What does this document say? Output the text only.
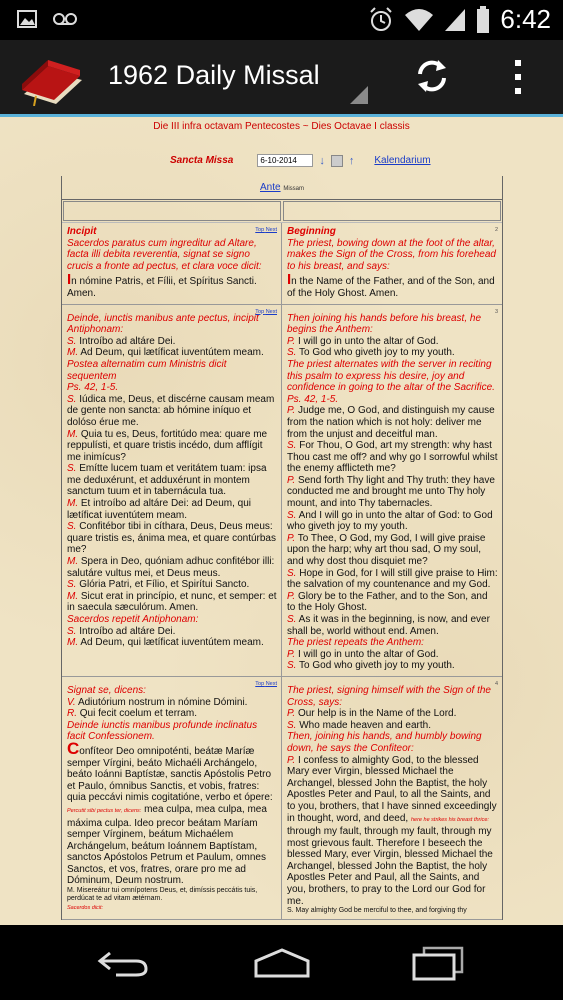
6:42
1962 Daily Missal
Die III infra octavam Pentecostes ~ Dies Octavae I classis
Sancta Missa
6-10-2014	↓ ↑ Kalendarium
Ante Missam
Top Next
Incipit
Sacerdos paratus cum ingreditur ad Altare, facta illi debita reverentia, signat se signo crucis a fronte ad pectus, et clara voce dicit:
In nómine Patris, et Fílii, et Spíritus Sancti. Amen.
2
Beginning
The priest, bowing down at the foot of the altar, makes the Sign of the Cross, from his forehead to his breast, and says:
In the Name of the Father, and of the Son, and of the Holy Ghost. Amen.
Top Next
Deinde, iunctis manibus ante pectus, incipit Antiphonam:
S. Introíbo ad altáre Dei.
M. Ad Deum, qui lætíficat iuventútem meam.
Postea alternatim cum Ministris dicit sequentem
Ps. 42, 1-5.
S. Iúdica me, Deus, et discérne causam meam de gente non sancta: ab hómine iníquo et dolóso érue me.
M. Quia tu es, Deus, fortitúdo mea: quare me reppulísti, et quare tristis incédo, dum afflígit me inimícus?
S. Emítte lucem tuam et veritátem tuam: ipsa me deduxérunt, et adduxérunt in montem sanctum tuum et in tabernácula tua.
M. Et introíbo ad altáre Dei: ad Deum, qui lætíficat iuventútem meam.
S. Confitébor tibi in cíthara, Deus, Deus meus: quare tristis es, ánima mea, et quare contúrbas me?
M. Spera in Deo, quóniam adhuc confitébor illi: salutáre vultus mei, et Deus meus.
S. Glória Patri, et Fílio, et Spirítui Sancto.
M. Sicut erat in princípio, et nunc, et semper: et in saecula sæculórum. Amen.
Sacerdos repetit Antiphonam:
S. Introíbo ad altáre Dei.
M. Ad Deum, qui lætíficat iuventútem meam.
3
Then joining his hands before his breast, he begins the Anthem:
P. I will go in unto the altar of God.
S. To God who giveth joy to my youth.
The priest alternates with the server in reciting this psalm to express his desire, joy and confidence in going to the altar of the Sacrifice.
Ps. 42, 1-5.
P. Judge me, O God, and distinguish my cause from the nation which is not holy: deliver me from the unjust and deceitful man.
S. For Thou, O God, art my strength: why hast Thou cast me off? and why go I sorrowful whilst the enemy afflicteth me?
P. Send forth Thy light and Thy truth: they have conducted me and brought me unto Thy holy mount, and into Thy tabernacles.
S. And I will go in unto the altar of God: to God who giveth joy to my youth.
P. To Thee, O God, my God, I will give praise upon the harp; why art thou sad, O my soul, and why dost thou disquiet me?
S. Hope in God, for I will still give praise to Him: the salvation of my countenance and my God.
P. Glory be to the Father, and to the Son, and to the Holy Ghost.
S. As it was in the beginning, is now, and ever shall be, world without end. Amen.
The priest repeats the Anthem:
P. I will go in unto the altar of God.
S. To God who giveth joy to my youth.
Top Next
Signat se, dicens:
V. Adiutórium nostrum in nómine Dómini.
R. Qui fecit coelum et terram.
Deinde iunctis manibus profunde inclinatus facit Confessionem.
Confíteor Deo omnipoténti, beátæ Maríæ semper Vírgini, beáto Michaéli Archángelo, beáto Ioánni Baptístæ, sanctis Apóstolis Petro et Paulo, ómnibus Sanctis, et vobis, fratres: quia peccávi nimis cogitatióne, verbo et ópere: Percutit sibi pectus ter, dicens: mea culpa, mea culpa, mea máxima culpa. Ideo precor beátam Maríam semper Vírginem, beátum Michaélem Archángelum, beátum Ioánnem Baptístam, sanctos Apóstolos Petrum et Paulum, omnes Sanctos, et vos, fratres, orare pro me ad Dóminum, Deum nostrum.
M. Misereátur tui omnípotens Deus, et, dimíssis peccátis tuis, perdúcat te ad vitam ætérnam.
Sacerdos dicit:
4
The priest, signing himself with the Sign of the Cross, says:
P. Our help is in the Name of the Lord.
S. Who made heaven and earth.
Then, joining his hands, and humbly bowing down, he says the Confiteor:
P. I confess to almighty God, to the blessed Mary ever Virgin, blessed Michael the Archangel, blessed John the Baptist, the holy Apostles Peter and Paul, to all the Saints, and to you, brothers, that I have sinned exceedingly in thought, word, and deed, here he strikes his breast thrice: through my fault, through my fault, through my most grievous fault. Therefore I beseech the blessed Mary, ever Virgin, blessed Michael the Archangel, blessed John the Baptist, the holy Apostles Peter and Paul, all the Saints, and you, brothers, to pray to the Lord our God for me.
S. May almighty God be merciful to thee, and forgiving thy
